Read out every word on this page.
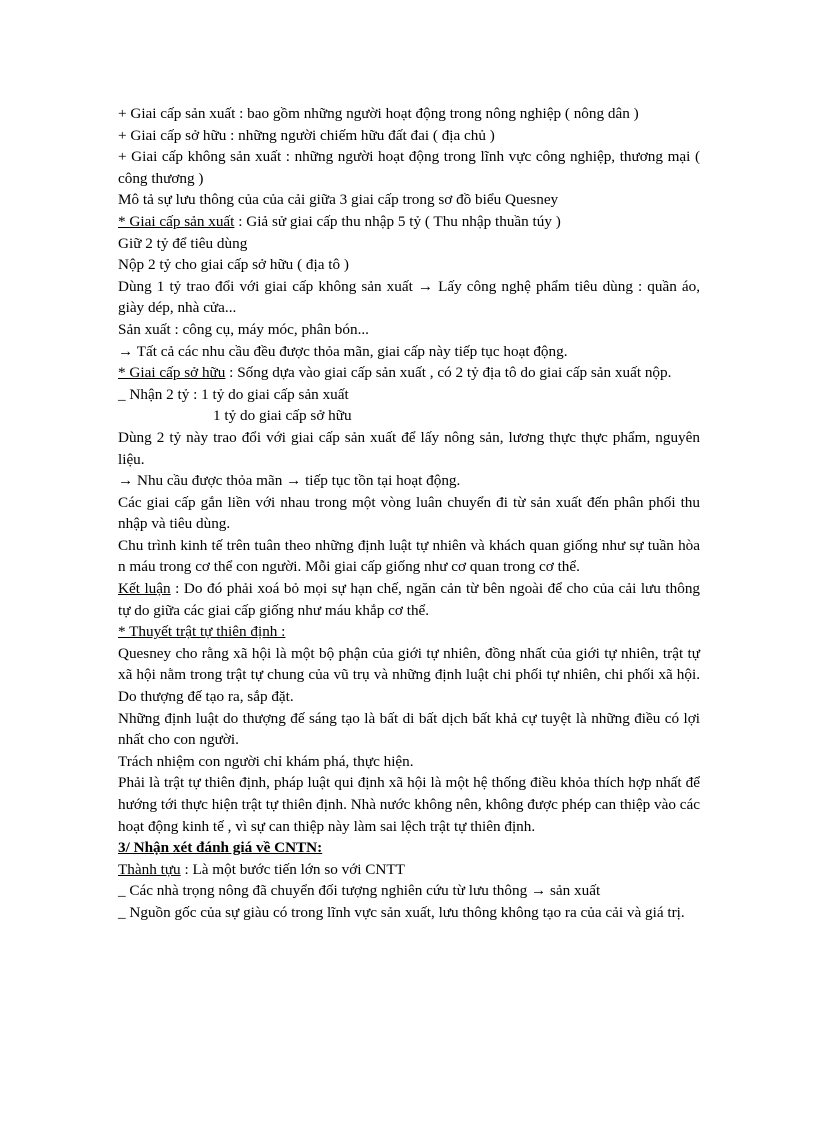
+ Giai cấp sản xuất : bao gồm những người hoạt động trong nông nghiệp ( nông dân )

+ Giai cấp sở hữu : những người chiếm hữu đất đai ( địa chủ )

+ Giai cấp không sản xuất : những người hoạt động trong lĩnh vực công nghiệp, thương mại ( công thương )

Mô tả sự lưu thông của của cải giữa 3 giai cấp trong sơ đồ biểu Quesney

* Giai cấp sản xuất : Giả sử giai cấp thu nhập 5 tỷ ( Thu nhập thuần túy )

Giữ 2 tỷ để tiêu dùng

Nộp 2 tỷ cho giai cấp sở hữu ( địa tô )

Dùng 1 tỷ trao đổi với giai cấp không sản xuất → Lấy công nghệ phẩm tiêu dùng : quần áo, giày dép, nhà cửa...

Sản xuất : công cụ, máy móc, phân bón...

→ Tất cả các nhu cầu đều được thỏa mãn, giai cấp này tiếp tục hoạt động.

* Giai cấp sở hữu : Sống dựa vào giai cấp sản xuất , có 2 tỷ địa tô do giai cấp sản xuất nộp.

_ Nhận 2 tỷ : 1 tỷ do giai cấp sản xuất

1 tỷ do giai cấp sở hữu

Dùng 2 tỷ này trao đổi với giai cấp sản xuất để lấy nông sản, lương thực thực phẩm, nguyên liệu.

→ Nhu cầu được thỏa mãn → tiếp tục tồn tại hoạt động.

Các giai cấp gắn liền với nhau trong một vòng luân chuyển đi từ sản xuất đến phân phối thu nhập và tiêu dùng.

Chu trình kinh tế trên tuân theo những định luật tự nhiên và khách quan giống như sự tuần hòa n máu trong cơ thể con người. Mỗi giai cấp giống như cơ quan trong cơ thể.

Kết luận : Do đó phải xoá bỏ mọi sự hạn chế, ngăn cản từ bên ngoài để cho của cải lưu thông tự do giữa các giai cấp giống như máu khắp cơ thể.

* Thuyết trật tự thiên định :

Quesney cho rằng xã hội là một bộ phận của giới tự nhiên, đồng nhất của giới tự nhiên, trật tự xã hội nằm trong trật tự chung của vũ trụ và những định luật chi phối tự nhiên, chi phối xã hội. Do thượng đế tạo ra, sắp đặt.

Những định luật do thượng đế sáng tạo là bất di bất dịch bất khả cự tuyệt là những điều có lợi nhất cho con người.

Trách nhiệm con người chỉ khám phá, thực hiện.

Phải là trật tự thiên định, pháp luật qui định xã hội là một hệ thống điều khỏa thích hợp nhất để hướng tới thực hiện trật tự thiên định. Nhà nước không nên, không được phép can thiệp vào các hoạt động kinh tế , vì sự can thiệp này làm sai lệch trật tự thiên định.

3/ Nhận xét đánh giá về CNTN:

Thành tựu : Là một bước tiến lớn so với CNTT

_ Các nhà trọng nông đã chuyển đối tượng nghiên cứu từ lưu thông → sản xuất

_ Nguồn gốc của sự giàu có trong lĩnh vực sản xuất, lưu thông không tạo ra của cải và giá trị.
